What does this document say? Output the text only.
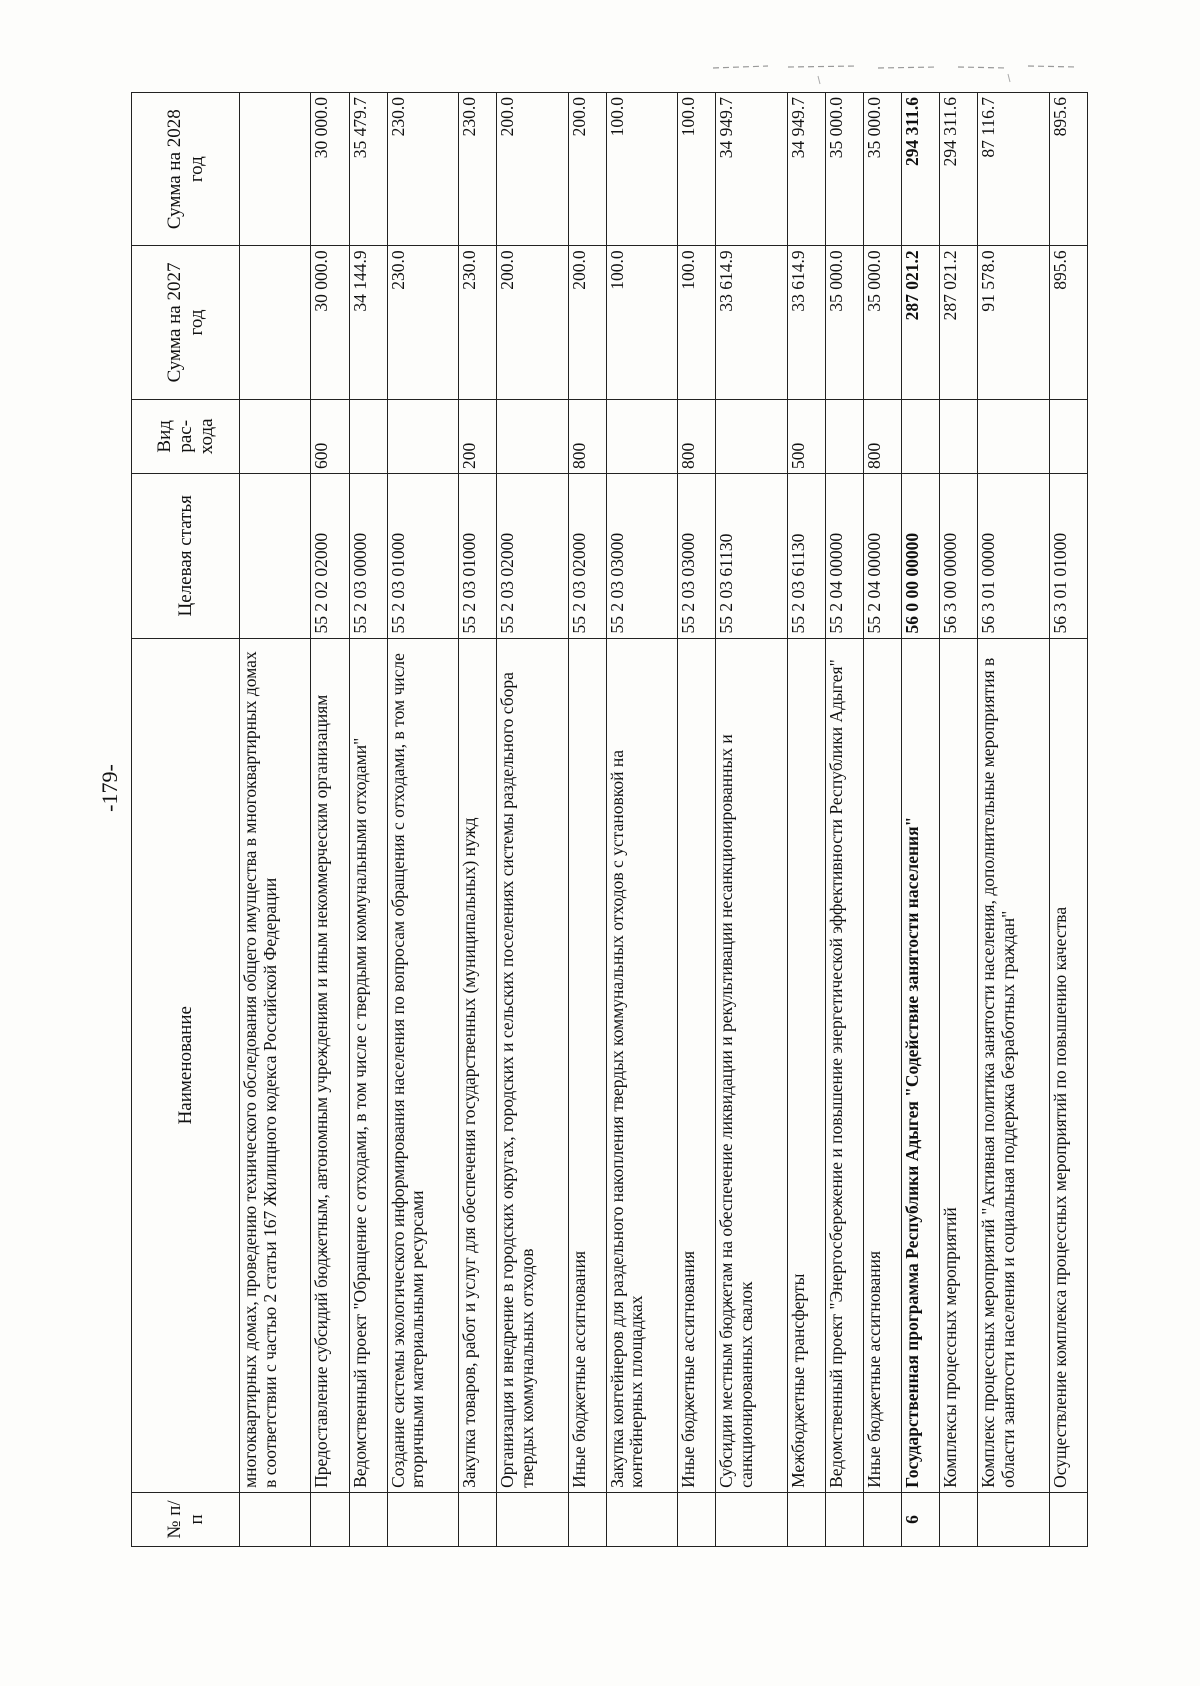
-179-
№ п/п	Наименование	Целевая статья	Вид рас-хода	Сумма на 2027 год	Сумма на 2028 год
	многоквартирных домах, проведению технического обследования общего имущества в многоквартирных домах в соответствии с частью 2 статьи 167 Жилищного кодекса Российской Федерации				
	Предоставление субсидий бюджетным, автономным учреждениям и иным некоммерческим организациям	55 2 02 02000	600	30 000.0	30 000.0
	Ведомственный проект "Обращение с отходами, в том числе с твердыми коммунальными отходами"	55 2 03 00000		34 144.9	35 479.7
	Создание системы экологического информирования населения по вопросам обращения с отходами, в том числе вторичными материальными ресурсами	55 2 03 01000		230.0	230.0
	Закупка товаров, работ и услуг для обеспечения государственных (муниципальных) нужд	55 2 03 01000	200	230.0	230.0
	Организация и внедрение в городских округах, городских и сельских поселениях системы раздельного сбора твердых коммунальных отходов	55 2 03 02000		200.0	200.0
	Иные бюджетные ассигнования	55 2 03 02000	800	200.0	200.0
	Закупка контейнеров для раздельного накопления твердых коммунальных отходов с установкой на контейнерных площадках	55 2 03 03000		100.0	100.0
	Иные бюджетные ассигнования	55 2 03 03000	800	100.0	100.0
	Субсидии местным бюджетам на обеспечение ликвидации и рекультивации несанкционированных и санкционированных свалок	55 2 03 61130		33 614.9	34 949.7
	Межбюджетные трансферты	55 2 03 61130	500	33 614.9	34 949.7
	Ведомственный проект "Энергосбережение и повышение энергетической эффективности Республики Адыгея"	55 2 04 00000		35 000.0	35 000.0
	Иные бюджетные ассигнования	55 2 04 00000	800	35 000.0	35 000.0
6	Государственная программа Республики Адыгея "Содействие занятости населения"	56 0 00 00000		287 021.2	294 311.6
	Комплексы процессных мероприятий	56 3 00 00000		287 021.2	294 311.6
	Комплекс процессных мероприятий "Активная политика занятости населения, дополнительные мероприятия в области занятости населения и социальная поддержка безработных граждан"	56 3 01 00000		91 578.0	87 116.7
	Осуществление комплекса процессных мероприятий по повышению качества	56 3 01 01000		895.6	895.6
